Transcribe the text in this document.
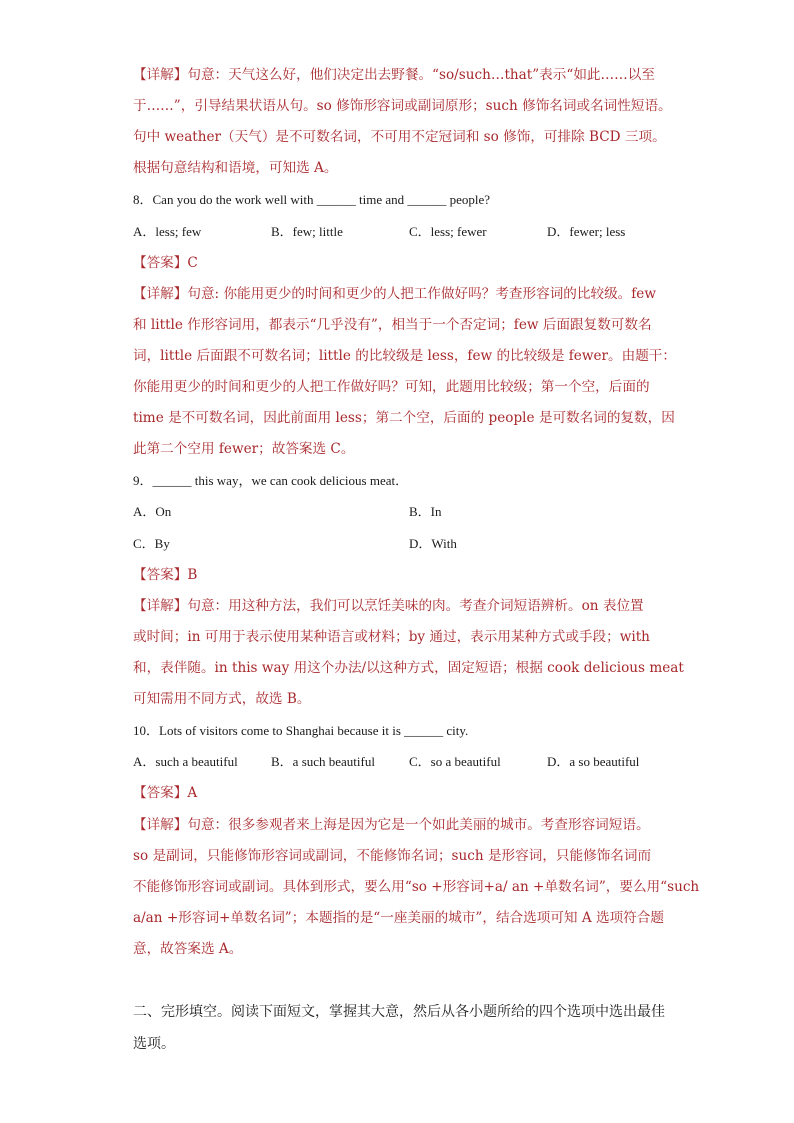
【详解】句意：天气这么好，他们决定出去野餐。“so/such…that”表示“如此……以至
于……”，引导结果状语从句。so 修饰形容词或副词原形；such 修饰名词或名词性短语。
句中 weather（天气）是不可数名词，不可用不定冠词和 so 修饰，可排除 BCD 三项。
根据句意结构和语境，可知选 A。
8．Can you do the work well with ______ time and ______ people?
A．less; few	B．few; little	C．less; fewer	D．fewer; less
【答案】C
【详解】句意: 你能用更少的时间和更少的人把工作做好吗？考查形容词的比较级。few
和 little 作形容词用，都表示“几乎没有”，相当于一个否定词；few 后面跟复数可数名
词，little 后面跟不可数名词；little 的比较级是 less，few 的比较级是 fewer。由题干：
你能用更少的时间和更少的人把工作做好吗？可知，此题用比较级；第一个空，后面的
time 是不可数名词，因此前面用 less；第二个空，后面的 people 是可数名词的复数，因
此第二个空用 fewer；故答案选 C。
9．______ this way，we can cook delicious meat．
A．On	B．In
C．By	D．With
【答案】B
【详解】句意：用这种方法，我们可以烹饪美味的肉。考查介词短语辨析。on 表位置
或时间；in 可用于表示使用某种语言或材料；by 通过，表示用某种方式或手段；with
和，表伴随。in this way 用这个办法/以这种方式，固定短语；根据 cook delicious meat
可知需用不同方式，故选 B。
10．Lots of visitors come to Shanghai because it is ______ city.
A．such a beautiful	B．a such beautiful	C．so a beautiful	D．a so beautiful
【答案】A
【详解】句意：很多参观者来上海是因为它是一个如此美丽的城市。考查形容词短语。
so 是副词，只能修饰形容词或副词，不能修饰名词；such 是形容词，只能修饰名词而
不能修饰形容词或副词。具体到形式，要么用“so +形容词+a/ an +单数名词”，要么用“such
a/an +形容词+单数名词”；本题指的是“一座美丽的城市”，结合选项可知 A 选项符合题
意，故答案选 A。
二、完形填空。阅读下面短文，掌握其大意，然后从各小题所给的四个选项中选出最佳
选项。
